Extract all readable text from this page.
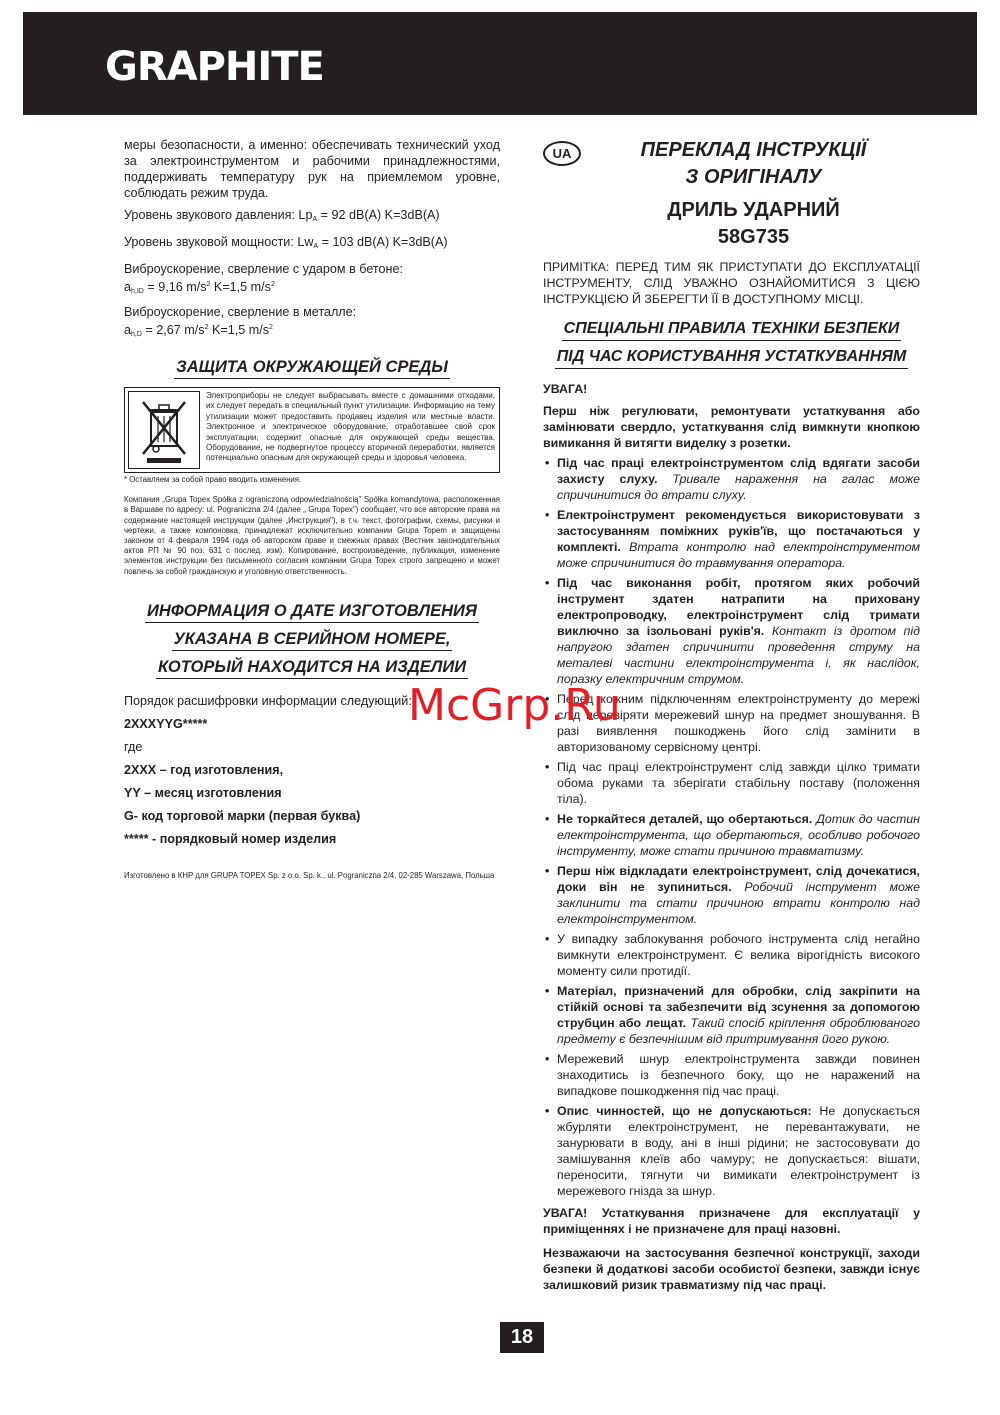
GRAPHITE

меры безопасности, а именно: обеспечивать технический уход за электроинструментом и рабочими принадлежностями, поддерживать температуру рук на приемлемом уровне, соблюдать режим труда.

Уровень звукового давления: $Lp_A = 92$ dB(A) K=3dB(A)

Уровень звуковой мощности: $Lw_A = 103$ dB(A) K=3dB(A)

Виброускорение, сверление с ударом в бетоне:

$a_{h,ID} = 9,16$ $m/s^2$ K=1,5 $m/s^2$

Виброускорение, сверление в металле:

$a_{h,D} = 2,67$ $m/s^2$ K=1,5 $m/s^2$

ЗАЩИТА ОКРУЖАЮЩЕЙ СРЕДЫ
Электроприборы не следует выбрасывать вместе с домашними отходами, их следует передать в специальный пункт утилизации. Информацию на тему утилизации может предоставить продавец изделия или местные власти. Электронное и электрическое оборудование, отработавшее свой срок эксплуатации, содержит опасные для окружающей среды вещества. Оборудование, не подвергнутое процессу вторичной переработки, является потенциально опасным для окружающей среды и здоровья человека.

* Оставляем за собой право вводить изменения.

Компания „Grupa Topex Spółka z ograniczoną odpowiedzialnością" Spółka komandytowa, расположенная в Варшаве по адресу: ul. Pograniczna 2/4 (далее „ Grupa Topex") сообщает, что все авторские права на содержание настоящей инструкции (далее „Инструкция"), в т.ч. текст, фотографии, схемы, рисунки и чертежи, а также компоновка, принадлежат исключительно компании Grupa Topem и защищены законом от 4 февраля 1994 года об авторском праве и смежных правах (Вестник законодательных актов РП № 90 поз. 631 с послед. изм). Копирование, воспроизведение, публикация, изменение элементов инструкции без письменного согласия компании Grupa Topex строго запрещено и может повлечь за собой гражданскую и уголовную ответственность.

ИНФОРМАЦИЯ О ДАТЕ ИЗГОТОВЛЕНИЯ
УКАЗАНА В СЕРИЙНОМ НОМЕРЕ,
КОТОРЫЙ НАХОДИТСЯ НА ИЗДЕЛИИ

Порядок расшифровки информации следующий:

2XXXYYG*****

где

2XXX – год изготовления,

YY – месяц изготовления

G- код торговой марки (первая буква)

***** - порядковый номер изделия

Изготовлено в КНР для GRUPA TOPEX Sp. z o.o. Sp. k., ul. Pograniczna 2/4, 02-285 Warszawa, Польша

UA	ПЕРЕКЛАД ІНСТРУКЦІЇ
З ОРИГІНАЛУ
ДРИЛЬ УДАРНИЙ
58G735

ПРИМІТКА: ПЕРЕД ТИМ ЯК ПРИСТУПАТИ ДО ЕКСПЛУАТАЦІЇ ІНСТРУМЕНТУ, СЛІД УВАЖНО ОЗНАЙОМИТИСЯ З ЦІЄЮ ІНСТРУКЦІЄЮ Й ЗБЕРЕГТИ ЇЇ В ДОСТУПНОМУ МІСЦІ.

СПЕЦІАЛЬНІ ПРАВИЛА ТЕХНІКИ БЕЗПЕКИ
ПІД ЧАС КОРИСТУВАННЯ УСТАТКУВАННЯМ

УВАГА!

Перш ніж регулювати, ремонтувати устаткування або замінювати свердло, устаткування слід вимкнути кнопкою вимикання й витягти виделку з розетки.

• Під час праці електроінструментом слід вдягати засоби захисту слуху. Тривале нараження на галас може спричинитися до втрати слуху.
• Електроінструмент рекомендується використовувати з застосуванням поміжних руків'їв, що постачаються у комплекті. Втрата контролю над електроінструментом може спричинитися до травмування оператора.
• Під час виконання робіт, протягом яких робочий інструмент здатен натрапити на приховану електропроводку, електроінструмент слід тримати виключно за ізольовані руків'я. Контакт із дротом під напругою здатен спричинити проведення струму на металеві частини електроінструмента і, як наслідок, поразку електричним струмом.
• Перед кожним підключенням електроінструменту до мережі слід перевіряти мережевий шнур на предмет зношування. В разі виявлення пошкоджень його слід замінити в авторизованому сервісному центрі.
• Під час праці електроінструмент слід завжди цілко тримати обома руками та зберігати стабільну поставу (положення тіла).
• Не торкайтеся деталей, що обертаються. Дотик до частин електроінструмента, що обертаються, особливо робочого інструменту, може стати причиною травматизму.
• Перш ніж відкладати електроінструмент, слід дочекатися, доки він не зупиниться. Робочий інструмент може заклинити та стати причиною втрати контролю над електроінструментом.
• У випадку заблокування робочого інструмента слід негайно вимкнути електроінструмент. Є велика вірогідність високого моменту сили протидії.
• Матеріал, призначений для обробки, слід закріпити на стійкій основі та забезпечити від зсунення за допомогою струбцин або лещат. Такий спосіб кріплення оброблюваного предмету є безпечнішим від притримування його рукою.
• Мережевий шнур електроінструмента завжди повинен знаходитись із безпечного боку, що не наражений на випадкове пошкодження під час праці.
• Опис чинностей, що не допускаються: Не допускається жбурляти електроінструмент, не перевантажувати, не занурювати в воду, ані в інші рідини; не застосовувати до замішування клеїв або чамуру; не допускається: вішати, переносити, тягнути чи вимикати електроінструмент із мережевого гнізда за шнур.

УВАГА! Устаткування призначене для експлуатації у приміщеннях і не призначене для праці назовні.

Незважаючи на застосування безпечної конструкції, заходи безпеки й додаткові засоби особистої безпеки, завжди існує залишковий ризик травматизму під час праці.

McGrp.Ru
18
